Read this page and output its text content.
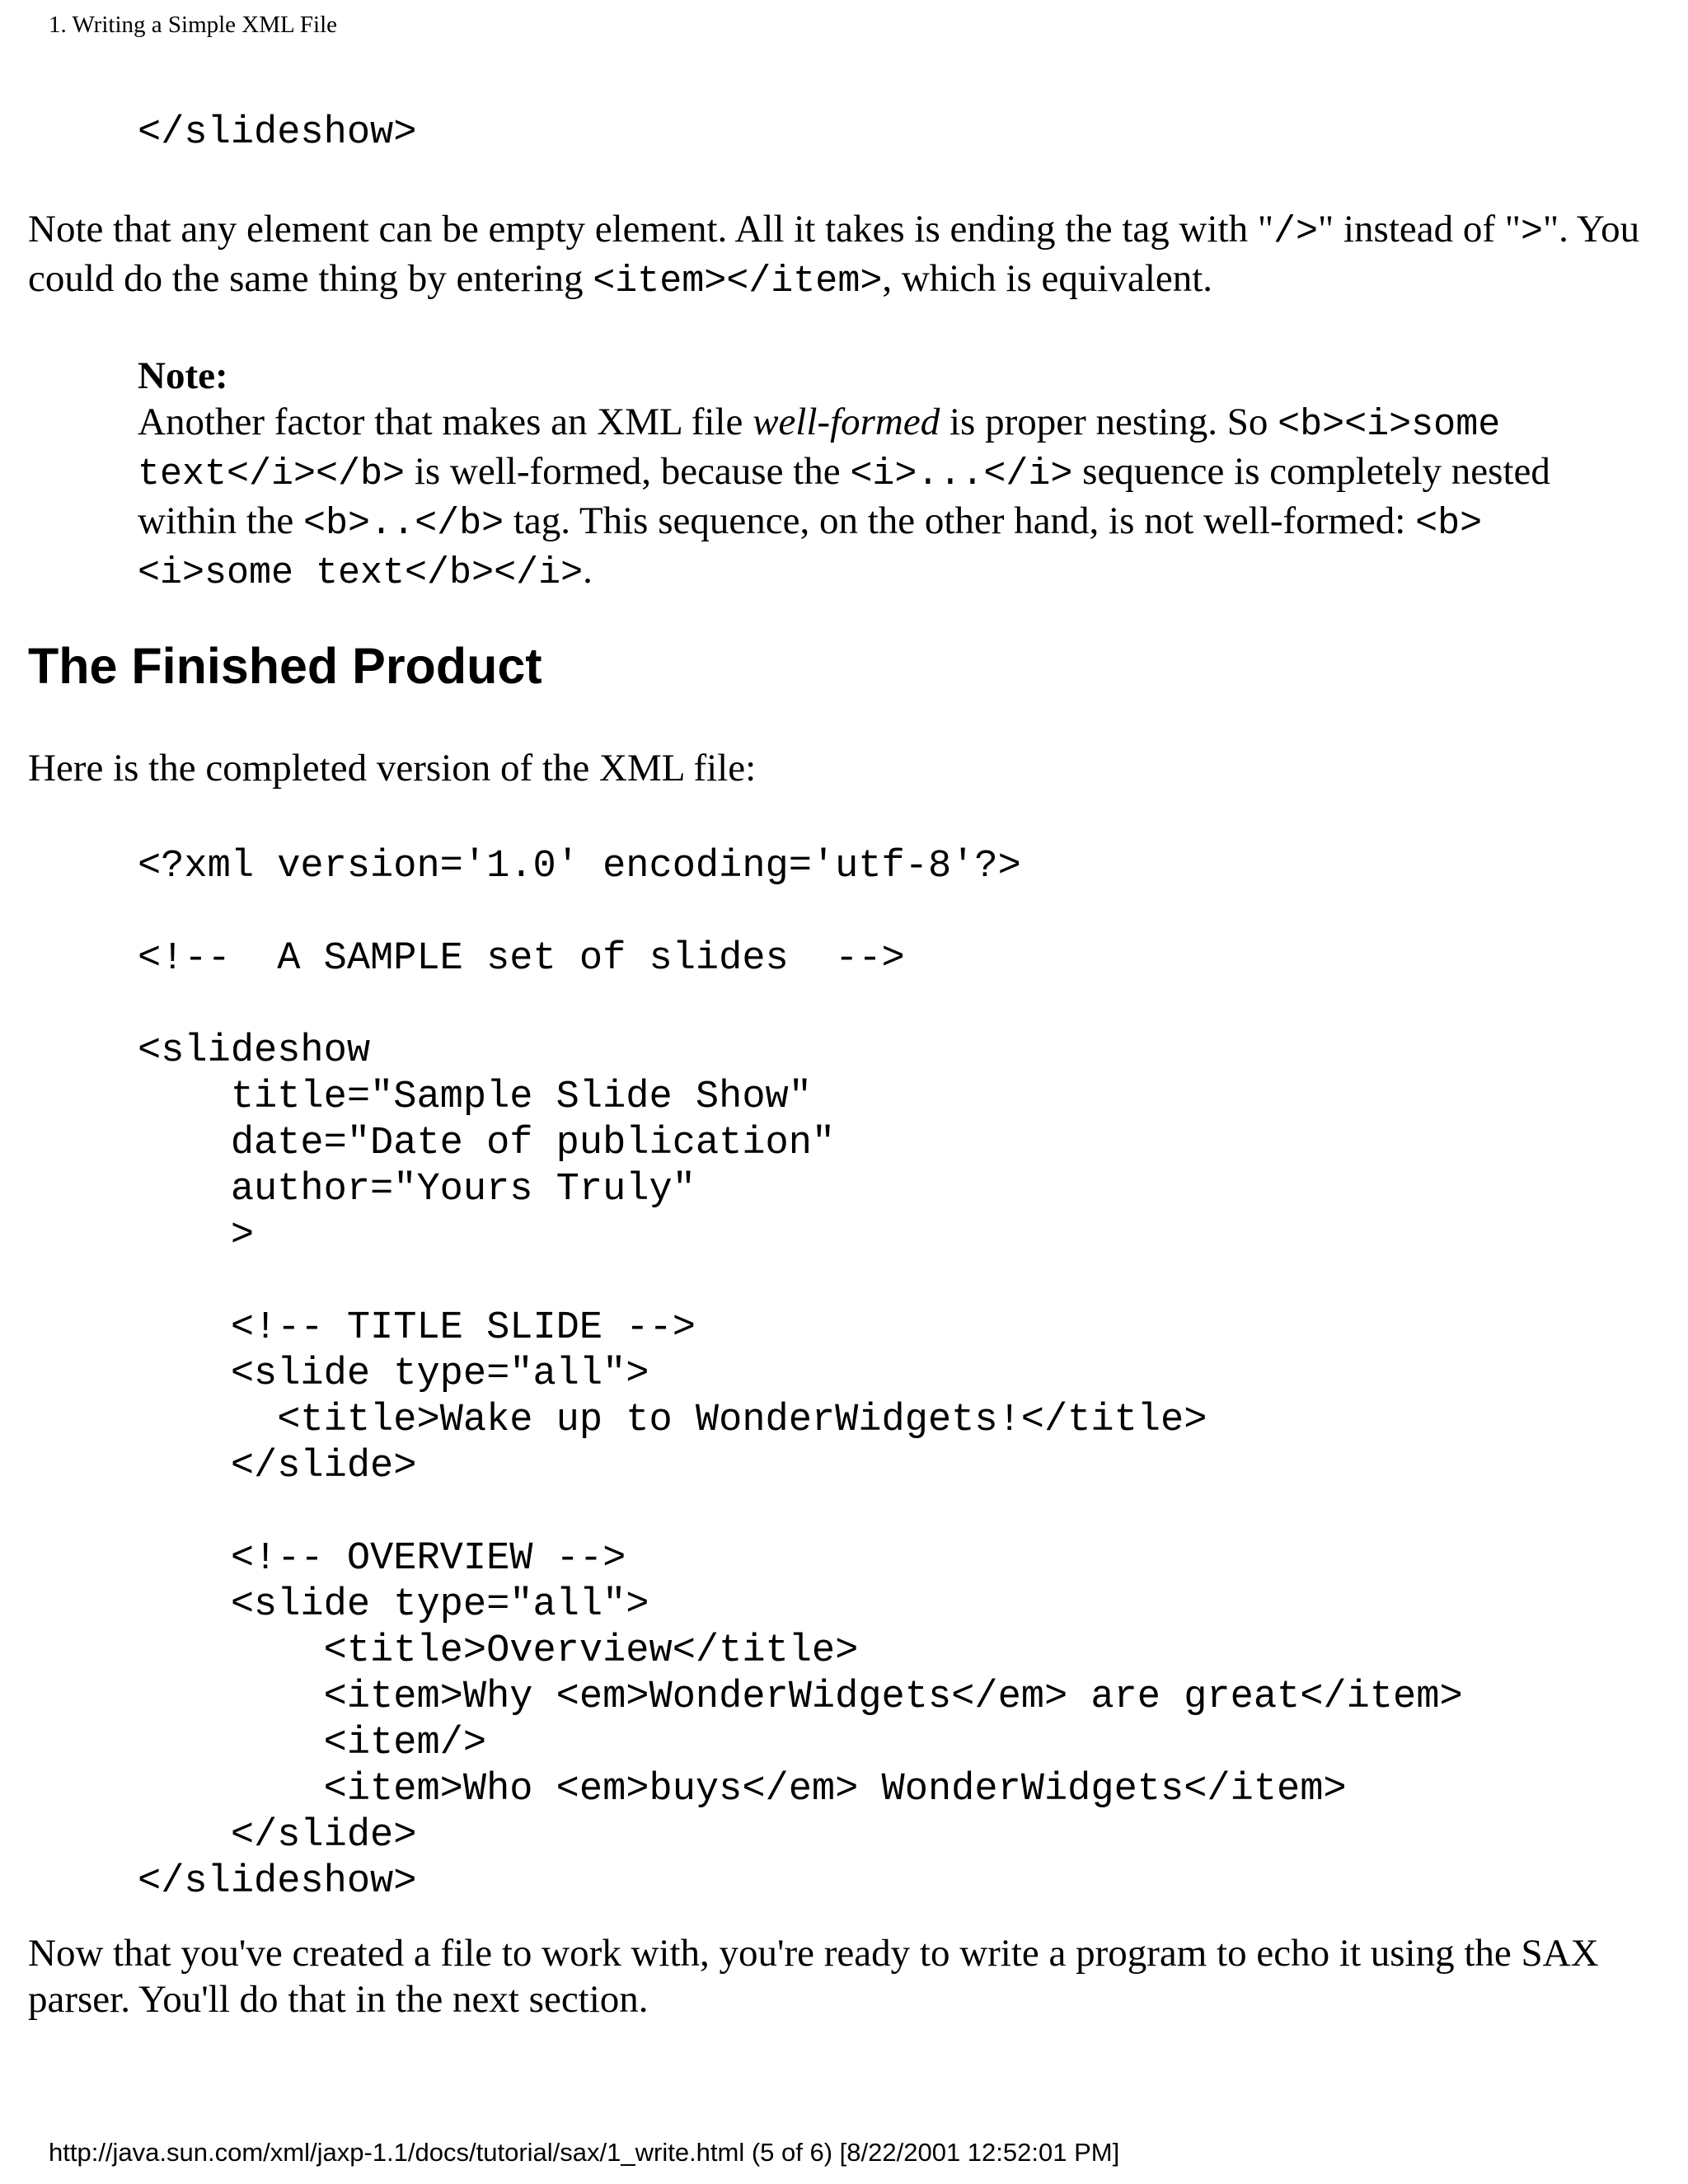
1. Writing a Simple XML File
</slideshow>

Note that any element can be empty element. All it takes is ending the tag with "/>" instead of ">". You could do the same thing by entering <item></item>, which is equivalent.

Note:
Another factor that makes an XML file well-formed is proper nesting. So <b><i>some text</i></b> is well-formed, because the <i>...</i> sequence is completely nested within the <b>..</b> tag. This sequence, on the other hand, is not well-formed: <b><i>some text</b></i>.
The Finished Product

Here is the completed version of the XML file:

<?xml version='1.0' encoding='utf-8'?>

<!--  A SAMPLE set of slides  -->

<slideshow
title="Sample Slide Show"
date="Date of publication"
author="Yours Truly"
>

<!-- TITLE SLIDE -->
<slide type="all">
<title>Wake up to WonderWidgets!</title>
</slide>

<!-- OVERVIEW -->
<slide type="all">
<title>Overview</title>
<item>Why <em>WonderWidgets</em> are great</item>
<item/>
<item>Who <em>buys</em> WonderWidgets</item>
</slide>
</slideshow>

Now that you've created a file to work with, you're ready to write a program to echo it using the SAX parser. You'll do that in the next section.

http://java.sun.com/xml/jaxp-1.1/docs/tutorial/sax/1_write.html (5 of 6) [8/22/2001 12:52:01 PM]
